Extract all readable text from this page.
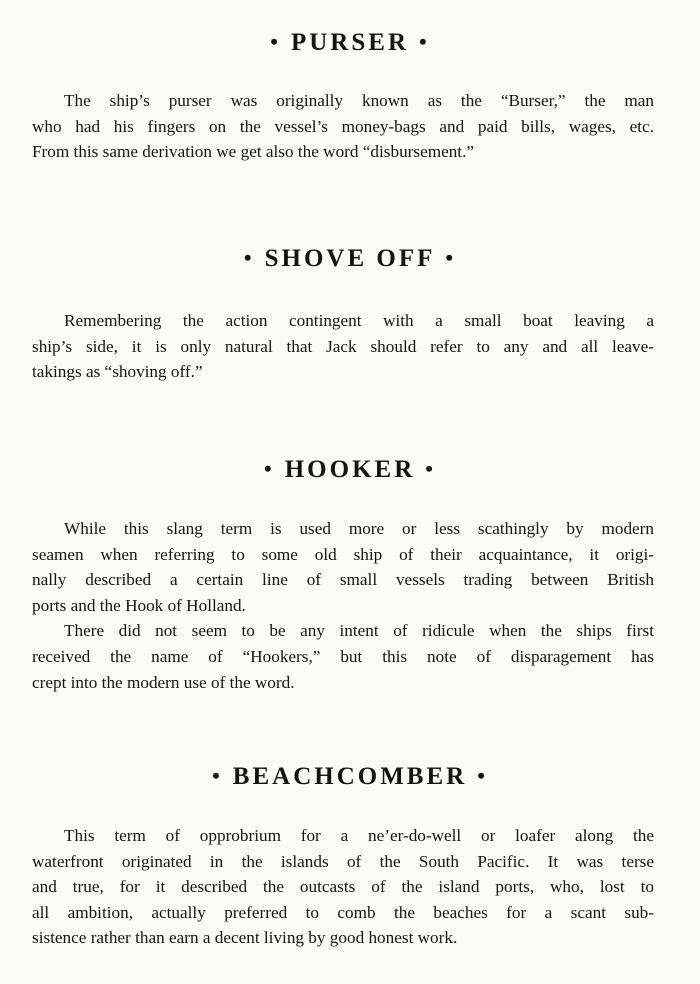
• PURSER •
The ship’s purser was originally known as the “Burser,” the man
who had his fingers on the vessel’s money-bags and paid bills, wages, etc.
From this same derivation we get also the word “disbursement.”
• SHOVE OFF •
Remembering the action contingent with a small boat leaving a
ship’s side, it is only natural that Jack should refer to any and all leave-
takings as “shoving off.”
• HOOKER •
While this slang term is used more or less scathingly by modern
seamen when referring to some old ship of their acquaintance, it origi-
nally described a certain line of small vessels trading between British
ports and the Hook of Holland.
There did not seem to be any intent of ridicule when the ships first
received the name of “Hookers,” but this note of disparagement has
crept into the modern use of the word.
• BEACHCOMBER •
This term of opprobrium for a ne’er-do-well or loafer along the
waterfront originated in the islands of the South Pacific. It was terse
and true, for it described the outcasts of the island ports, who, lost to
all ambition, actually preferred to comb the beaches for a scant sub-
sistence rather than earn a decent living by good honest work.
